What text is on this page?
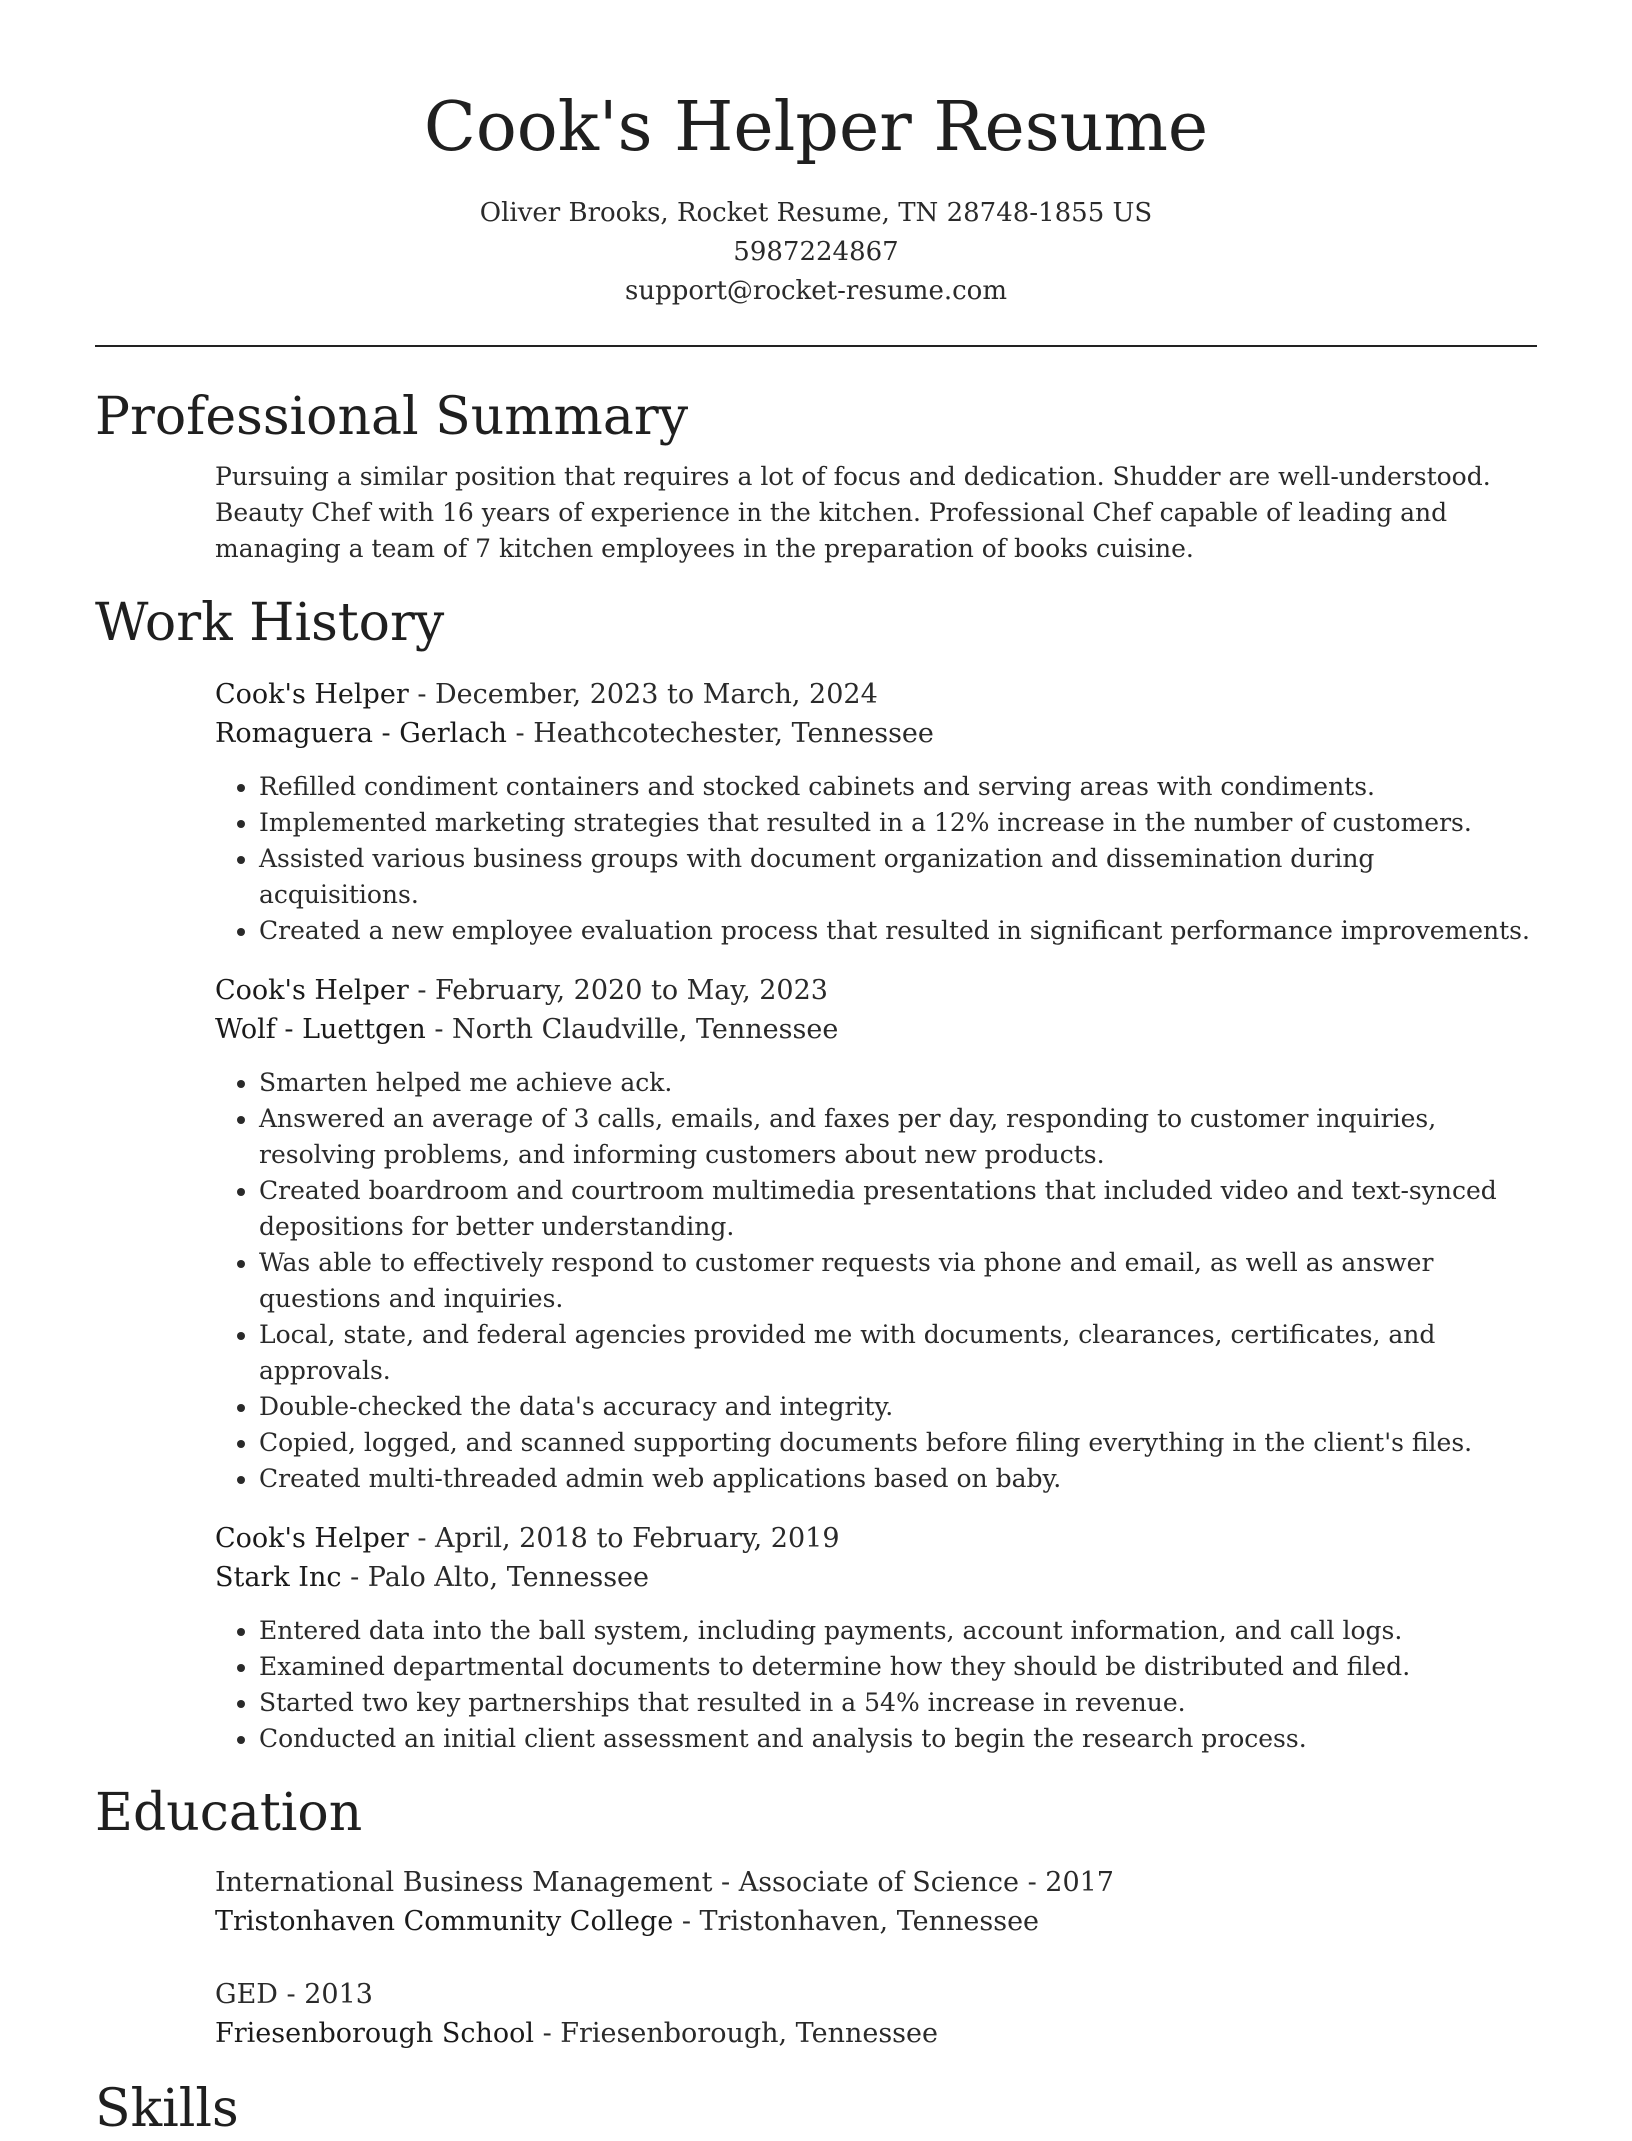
Cook's Helper Resume
Oliver Brooks, Rocket Resume, TN 28748-1855 US
5987224867
support@rocket-resume.com
Professional Summary
Pursuing a similar position that requires a lot of focus and dedication. Shudder are well-understood. Beauty Chef with 16 years of experience in the kitchen. Professional Chef capable of leading and managing a team of 7 kitchen employees in the preparation of books cuisine.
Work History
Cook's Helper - December, 2023 to March, 2024
Romaguera - Gerlach - Heathcotechester, Tennessee
• Refilled condiment containers and stocked cabinets and serving areas with condiments.
• Implemented marketing strategies that resulted in a 12% increase in the number of customers.
• Assisted various business groups with document organization and dissemination during acquisitions.
• Created a new employee evaluation process that resulted in significant performance improvements.
Cook's Helper - February, 2020 to May, 2023
Wolf - Luettgen - North Claudville, Tennessee
• Smarten helped me achieve ack.
• Answered an average of 3 calls, emails, and faxes per day, responding to customer inquiries, resolving problems, and informing customers about new products.
• Created boardroom and courtroom multimedia presentations that included video and text-synced depositions for better understanding.
• Was able to effectively respond to customer requests via phone and email, as well as answer questions and inquiries.
• Local, state, and federal agencies provided me with documents, clearances, certificates, and approvals.
• Double-checked the data's accuracy and integrity.
• Copied, logged, and scanned supporting documents before filing everything in the client's files.
• Created multi-threaded admin web applications based on baby.
Cook's Helper - April, 2018 to February, 2019
Stark Inc - Palo Alto, Tennessee
• Entered data into the ball system, including payments, account information, and call logs.
• Examined departmental documents to determine how they should be distributed and filed.
• Started two key partnerships that resulted in a 54% increase in revenue.
• Conducted an initial client assessment and analysis to begin the research process.
Education
International Business Management - Associate of Science - 2017
Tristonhaven Community College - Tristonhaven, Tennessee
GED - 2013
Friesenborough School - Friesenborough, Tennessee
Skills
